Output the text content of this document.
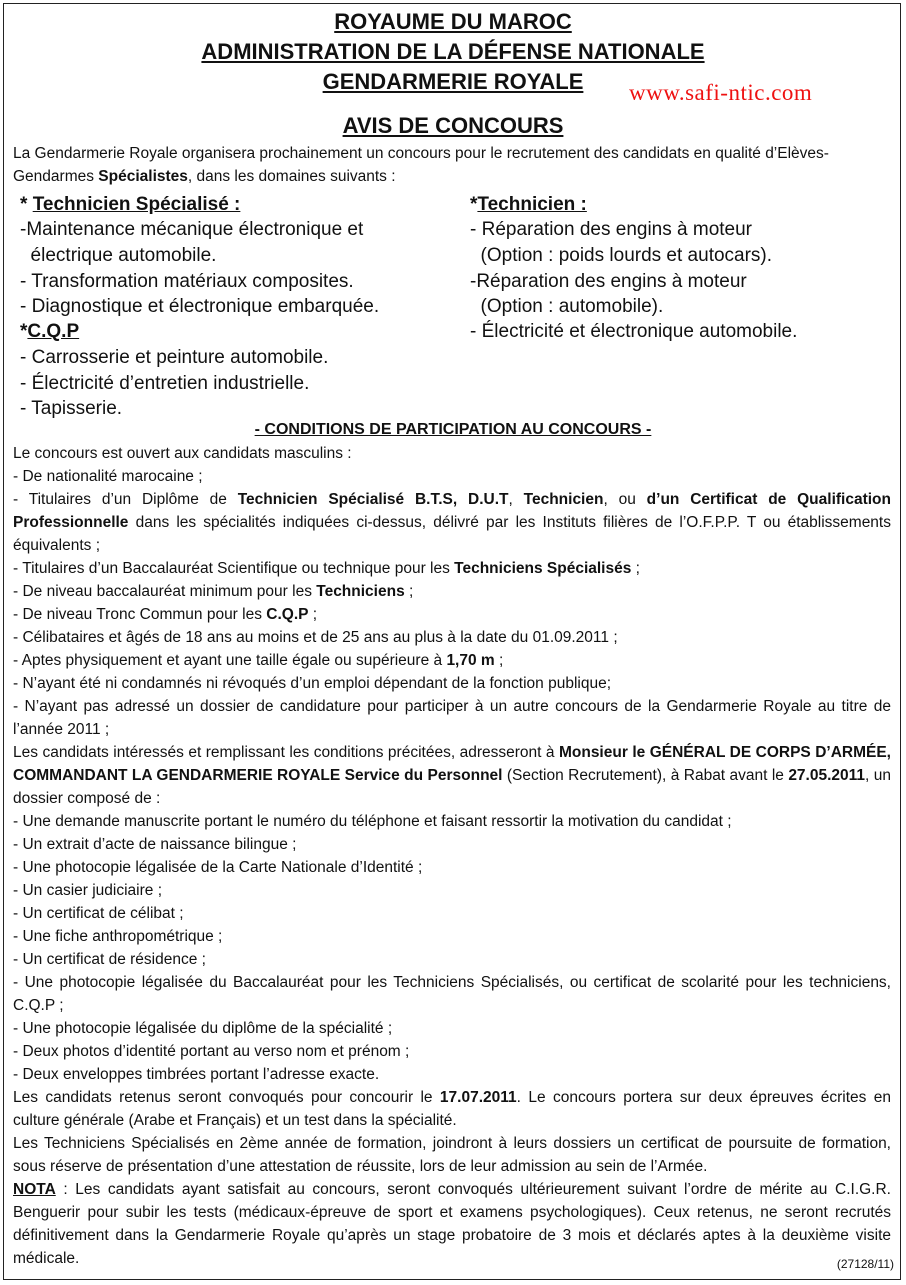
ROYAUME DU MAROC
ADMINISTRATION DE LA DÉFENSE NATIONALE
GENDARMERIE ROYALE	www.safi-ntic.com
AVIS DE CONCOURS
La Gendarmerie Royale organisera prochainement un concours pour le recrutement des candidats en qualité d’Elèves-
Gendarmes Spécialistes, dans les domaines suivants :
* Technicien Spécialisé :
-Maintenance mécanique électronique et
électrique automobile.
- Transformation matériaux composites.
- Diagnostique et électronique embarquée.
*C.Q.P
- Carrosserie et peinture automobile.
- Électricité d’entretien industrielle.
- Tapisserie.
*Technicien :
- Réparation des engins à moteur
(Option : poids lourds et autocars).
-Réparation des engins à moteur
(Option : automobile).
- Électricité et électronique automobile.
- CONDITIONS DE PARTICIPATION AU CONCOURS -
Le concours est ouvert aux candidats masculins :
- De nationalité marocaine ;
- Titulaires d’un Diplôme de Technicien Spécialisé B.T.S, D.U.T, Technicien, ou d’un Certificat de Qualification Professionnelle dans les spécialités indiquées ci-dessus, délivré par les Instituts filières de l’O.F.P.P. T ou établissements équivalents ;
- Titulaires d’un Baccalauréat Scientifique ou technique pour les Techniciens Spécialisés ;
- De niveau baccalauréat minimum pour les Techniciens ;
- De niveau Tronc Commun pour les C.Q.P ;
- Célibataires et âgés de 18 ans au moins et de 25 ans au plus à la date du 01.09.2011 ;
- Aptes physiquement et ayant une taille égale ou supérieure à 1,70 m ;
- N’ayant été ni condamnés ni révoqués d’un emploi dépendant de la fonction publique;
- N’ayant pas adressé un dossier de candidature pour participer à un autre concours de la Gendarmerie Royale au titre de l’année 2011 ;
Les candidats intéressés et remplissant les conditions précitées, adresseront à Monsieur le GÉNÉRAL DE CORPS D’ARMÉE, COMMANDANT LA GENDARMERIE ROYALE Service du Personnel (Section Recrutement), à Rabat avant le 27.05.2011, un dossier composé de :
- Une demande manuscrite portant le numéro du téléphone et faisant ressortir la motivation du candidat ;
- Un extrait d’acte de naissance bilingue ;
- Une photocopie légalisée de la Carte Nationale d’Identité ;
- Un casier judiciaire ;
- Un certificat de célibat ;
- Une fiche anthropométrique ;
- Un certificat de résidence ;
- Une photocopie légalisée du Baccalauréat pour les Techniciens Spécialisés, ou certificat de scolarité pour les techniciens, C.Q.P ;
- Une photocopie légalisée du diplôme de la spécialité ;
- Deux photos d’identité portant au verso nom et prénom ;
- Deux enveloppes timbrées portant l’adresse exacte.
Les candidats retenus seront convoqués pour concourir le 17.07.2011. Le concours portera sur deux épreuves écrites en culture générale (Arabe et Français) et un test dans la spécialité.
Les Techniciens Spécialisés en 2ème année de formation, joindront à leurs dossiers un certificat de poursuite de formation, sous réserve de présentation d’une attestation de réussite, lors de leur admission au sein de l’Armée.
NOTA : Les candidats ayant satisfait au concours, seront convoqués ultérieurement suivant l’ordre de mérite au C.I.G.R. Benguerir pour subir les tests (médicaux-épreuve de sport et examens psychologiques). Ceux retenus, ne seront recrutés définitivement dans la Gendarmerie Royale qu’après un stage probatoire de 3 mois et déclarés aptes à la deuxième visite médicale.	(27128/11)
